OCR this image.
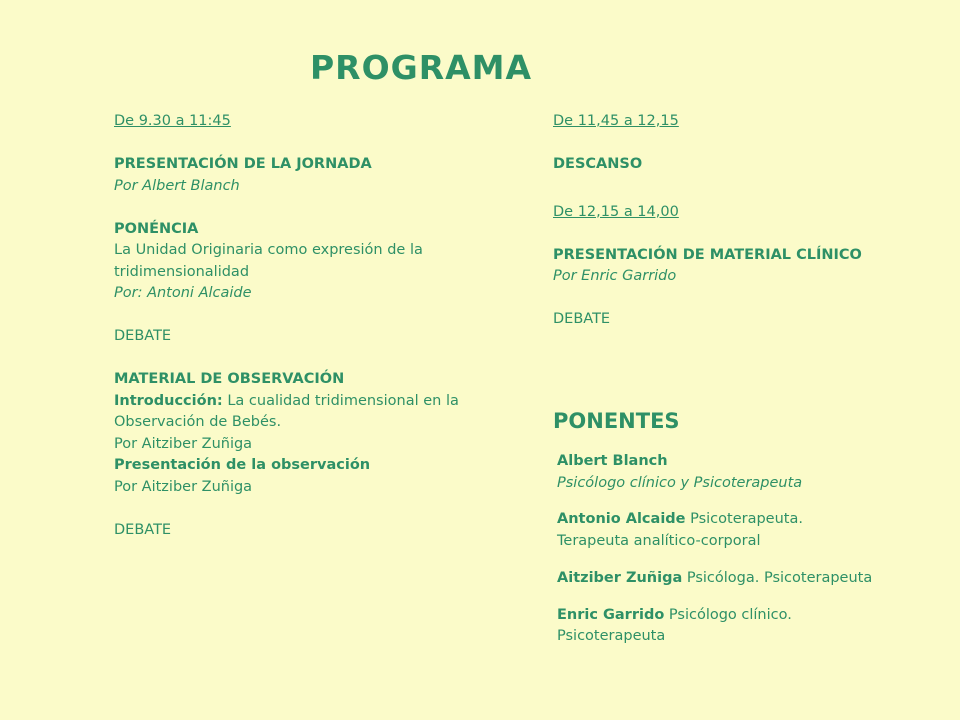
PROGRAMA
De 9.30 a 11:45
PRESENTACIÓN DE LA JORNADA
Por Albert Blanch
PONÉNCIA
La Unidad Originaria como expresión de la
tridimensionalidad
Por: Antoni Alcaide
DEBATE
MATERIAL DE OBSERVACIÓN
Introducción: La cualidad tridimensional en la
Observación de Bebés.
Por Aitziber Zuñiga
Presentación de la observación
Por Aitziber Zuñiga
DEBATE
De 11,45 a 12,15
DESCANSO
De 12,15 a 14,00
PRESENTACIÓN DE MATERIAL CLÍNICO
Por Enric Garrido
DEBATE
PONENTES
Albert Blanch
Psicólogo clínico y Psicoterapeuta
Antonio Alcaide Psicoterapeuta.
Terapeuta analítico-corporal
Aitziber Zuñiga Psicóloga. Psicoterapeuta
Enric Garrido Psicólogo clínico.
Psicoterapeuta
